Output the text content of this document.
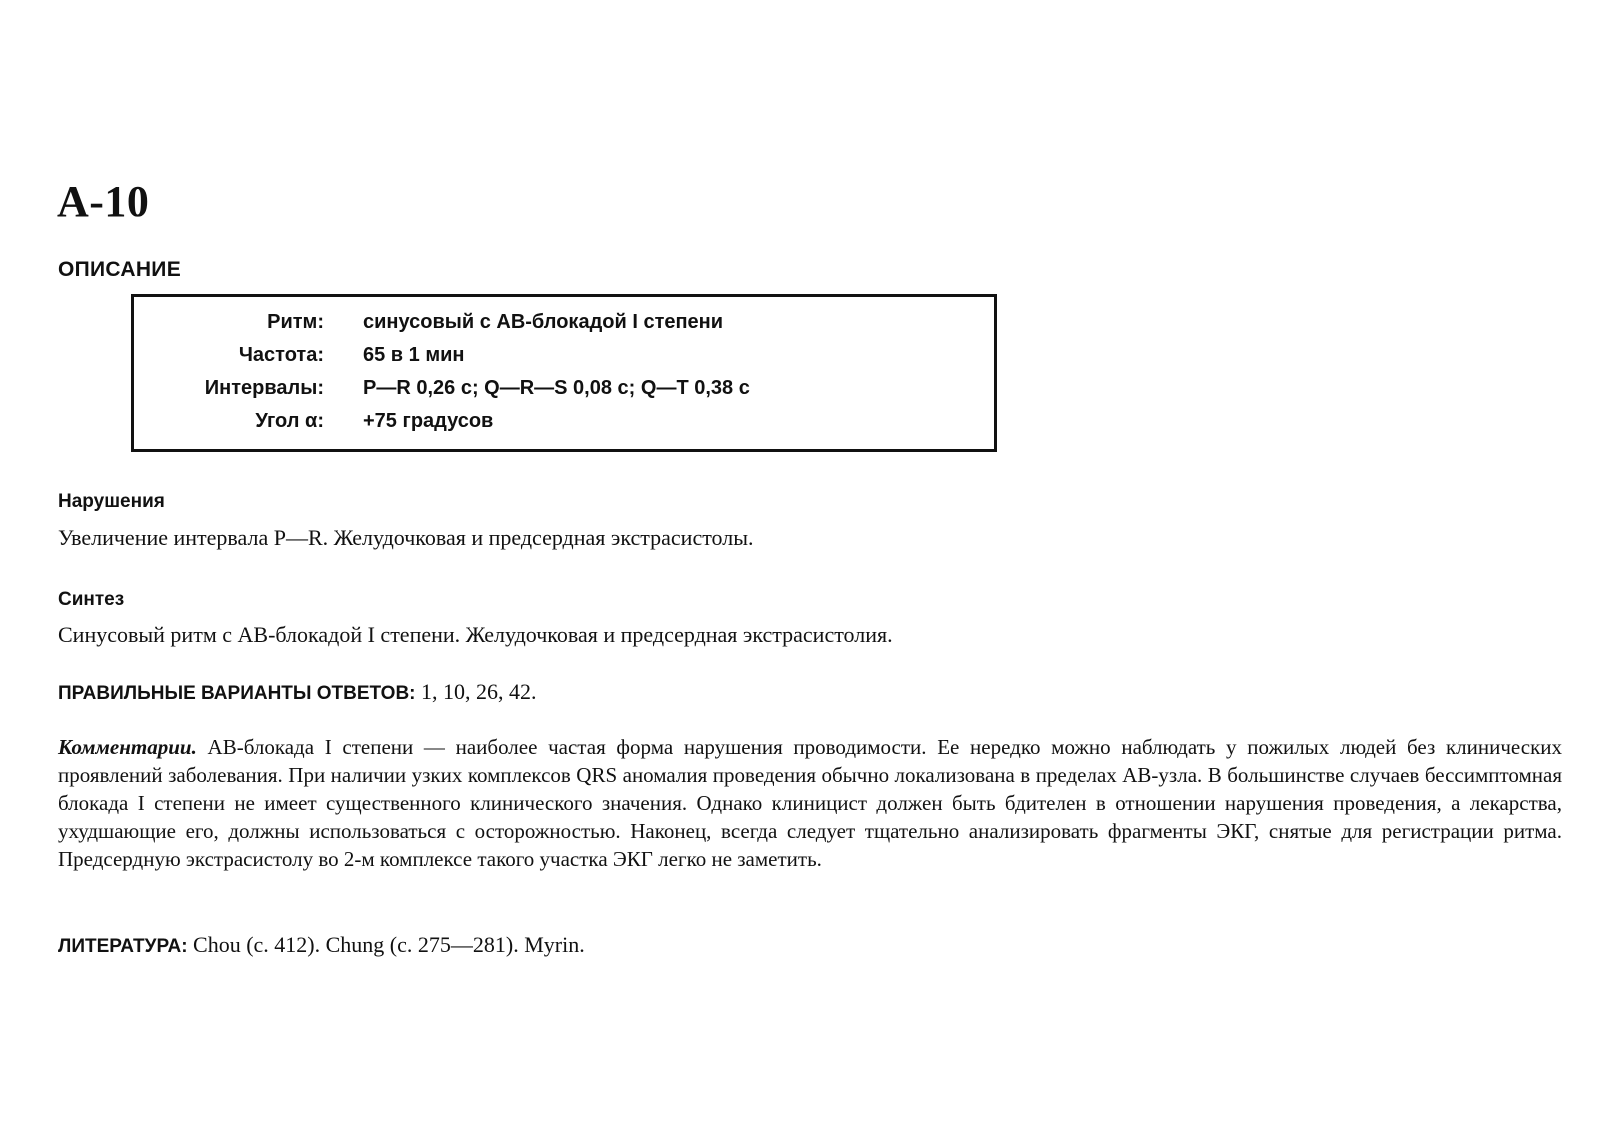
А-10
ОПИСАНИЕ
Ритм: синусовый с АВ-блокадой I степени
Частота: 65 в 1 мин
Интервалы: P—R 0,26 с; Q—R—S 0,08 с; Q—T 0,38 с
Угол α: +75 градусов
Нарушения
Увеличение интервала P—R. Желудочковая и предсердная экстрасистолы.
Синтез
Синусовый ритм с АВ-блокадой I степени. Желудочковая и предсердная экстрасистолия.
ПРАВИЛЬНЫЕ ВАРИАНТЫ ОТВЕТОВ: 1, 10, 26, 42.
Комментарии. АВ-блокада I степени — наиболее частая форма нарушения проводимости. Ее нередко можно наблюдать у пожилых людей без клинических проявлений заболевания. При наличии узких комплексов QRS аномалия проведения обычно локализована в пределах АВ-узла. В большинстве случаев бессимптомная блокада I степени не имеет существенного клинического значения. Однако клиницист должен быть бдителен в отношении нарушения проведения, а лекарства, ухудшающие его, должны использоваться с осторожностью. Наконец, всегда следует тщательно анализировать фрагменты ЭКГ, снятые для регистрации ритма. Предсердную экстрасистолу во 2-м комплексе такого участка ЭКГ легко не заметить.
ЛИТЕРАТУРА: Chou (с. 412). Chung (с. 275—281). Myrin.
